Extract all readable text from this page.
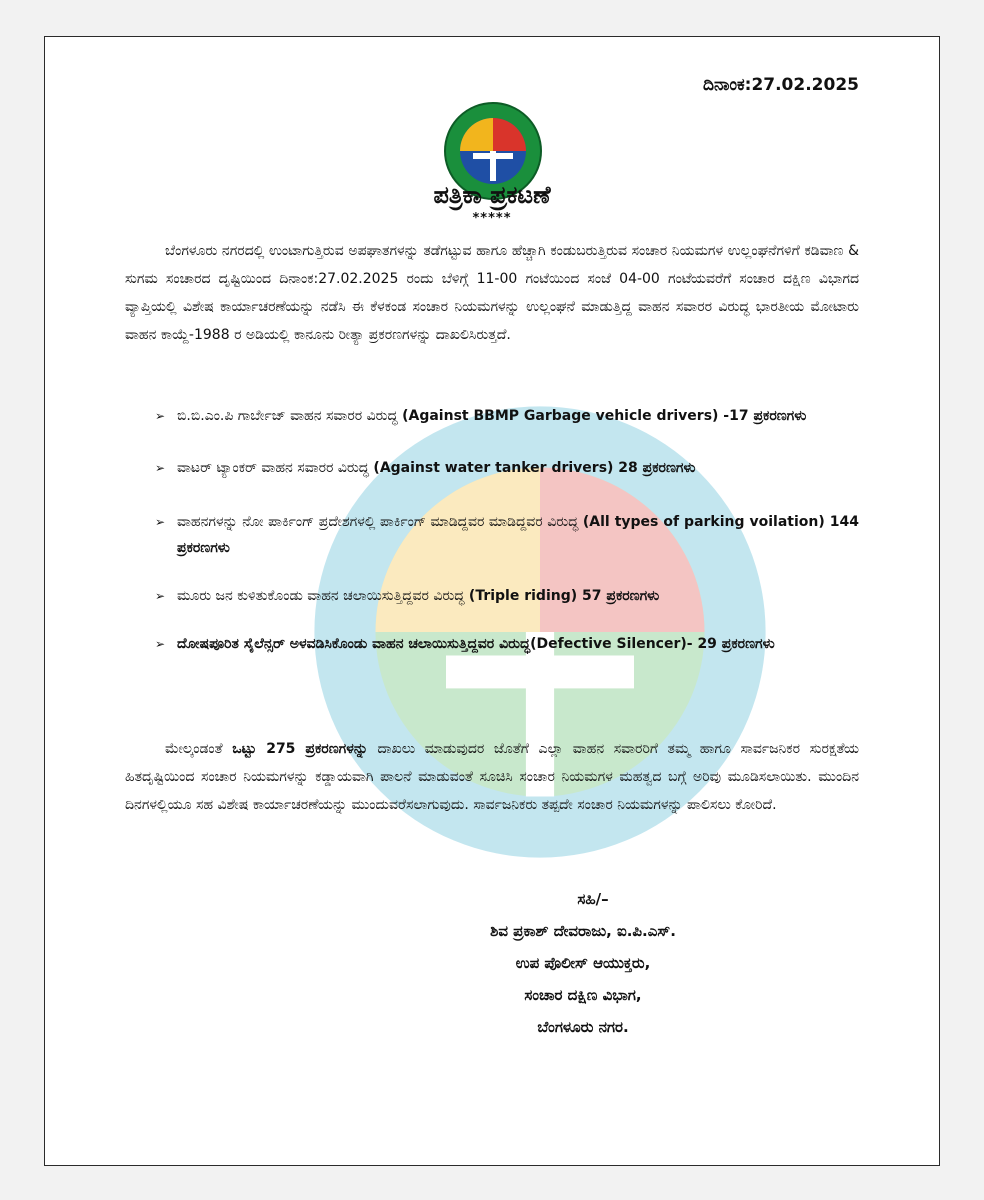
ದಿನಾಂಕ:27.02.2025
ಪತ್ರಿಕಾ ಪ್ರಕಟಣೆ
*****
ಬೆಂಗಳೂರು ನಗರದಲ್ಲಿ ಉಂಟಾಗುತ್ತಿರುವ ಅಪಘಾತಗಳನ್ನು ತಡೆಗಟ್ಟುವ ಹಾಗೂ ಹೆಚ್ಚಾಗಿ ಕಂಡುಬರುತ್ತಿರುವ ಸಂಚಾರ ನಿಯಮಗಳ ಉಲ್ಲಂಘನೆಗಳಿಗೆ ಕಡಿವಾಣ & ಸುಗಮ ಸಂಚಾರದ ದೃಷ್ಟಿಯಿಂದ ದಿನಾಂಕ:27.02.2025 ರಂದು ಬೆಳಿಗ್ಗೆ 11-00 ಗಂಟೆಯಿಂದ ಸಂಜೆ 04-00 ಗಂಟೆಯವರೆಗೆ ಸಂಚಾರ ದಕ್ಷಿಣ ವಿಭಾಗದ ವ್ಯಾಪ್ತಿಯಲ್ಲಿ ವಿಶೇಷ ಕಾರ್ಯಾಚರಣೆಯನ್ನು ನಡೆಸಿ ಈ ಕೆಳಕಂಡ ಸಂಚಾರ ನಿಯಮಗಳನ್ನು ಉಲ್ಲಂಘನೆ ಮಾಡುತ್ತಿದ್ದ ವಾಹನ ಸವಾರರ ವಿರುದ್ಧ ಭಾರತೀಯ ಮೋಟಾರು ವಾಹನ ಕಾಯ್ದೆ-1988 ರ ಅಡಿಯಲ್ಲಿ ಕಾನೂನು ರೀತ್ಯಾ ಪ್ರಕರಣಗಳನ್ನು ದಾಖಲಿಸಿರುತ್ತದೆ.
➢ ಬಿ.ಬಿ.ಎಂ.ಪಿ ಗಾರ್ಬೇಜ್ ವಾಹನ ಸವಾರರ ವಿರುದ್ಧ (Against BBMP Garbage vehicle drivers) -17 ಪ್ರಕರಣಗಳು
➢ ವಾಟರ್ ಟ್ಯಾಂಕರ್ ವಾಹನ ಸವಾರರ ವಿರುದ್ಧ (Against water tanker drivers) 28 ಪ್ರಕರಣಗಳು
➢ ವಾಹನಗಳನ್ನು ನೋ ಪಾರ್ಕಿಂಗ್ ಪ್ರದೇಶಗಳಲ್ಲಿ ಪಾರ್ಕಿಂಗ್ ಮಾಡಿದ್ದವರ ಮಾಡಿದ್ದವರ ವಿರುದ್ಧ (All types of parking voilation) 144 ಪ್ರಕರಣಗಳು
➢ ಮೂರು ಜನ ಕುಳಿತುಕೊಂಡು ವಾಹನ ಚಲಾಯಿಸುತ್ತಿದ್ದವರ ವಿರುದ್ಧ (Triple riding) 57 ಪ್ರಕರಣಗಳು
➢ ದೋಷಪೂರಿತ ಸೈಲೆನ್ಸರ್ ಅಳವಡಿಸಿಕೊಂಡು ವಾಹನ ಚಲಾಯಿಸುತ್ತಿದ್ದವರ ವಿರುದ್ಧ(Defective Silencer)- 29 ಪ್ರಕರಣಗಳು
ಮೇಲ್ಕಂಡಂತೆ ಒಟ್ಟು 275 ಪ್ರಕರಣಗಳನ್ನು ದಾಖಲು ಮಾಡುವುದರ ಜೊತೆಗೆ ಎಲ್ಲಾ ವಾಹನ ಸವಾರರಿಗೆ ತಮ್ಮ ಹಾಗೂ ಸಾರ್ವಜನಿಕರ ಸುರಕ್ಷತೆಯ ಹಿತದೃಷ್ಟಿಯಿಂದ ಸಂಚಾರ ನಿಯಮಗಳನ್ನು ಕಡ್ಡಾಯವಾಗಿ ಪಾಲನೆ ಮಾಡುವಂತೆ ಸೂಚಿಸಿ ಸಂಚಾರ ನಿಯಮಗಳ ಮಹತ್ವದ ಬಗ್ಗೆ ಅರಿವು ಮೂಡಿಸಲಾಯಿತು. ಮುಂದಿನ ದಿನಗಳಲ್ಲಿಯೂ ಸಹ ವಿಶೇಷ ಕಾರ್ಯಾಚರಣೆಯನ್ನು ಮುಂದುವರೆಸಲಾಗುವುದು. ಸಾರ್ವಜನಿಕರು ತಪ್ಪದೇ ಸಂಚಾರ ನಿಯಮಗಳನ್ನು ಪಾಲಿಸಲು ಕೋರಿದೆ.
ಸಹಿ/–
ಶಿವ ಪ್ರಕಾಶ್ ದೇವರಾಜು, ಐ.ಪಿ.ಎಸ್.
ಉಪ ಪೊಲೀಸ್ ಆಯುಕ್ತರು,
ಸಂಚಾರ ದಕ್ಷಿಣ ವಿಭಾಗ,
ಬೆಂಗಳೂರು ನಗರ.
